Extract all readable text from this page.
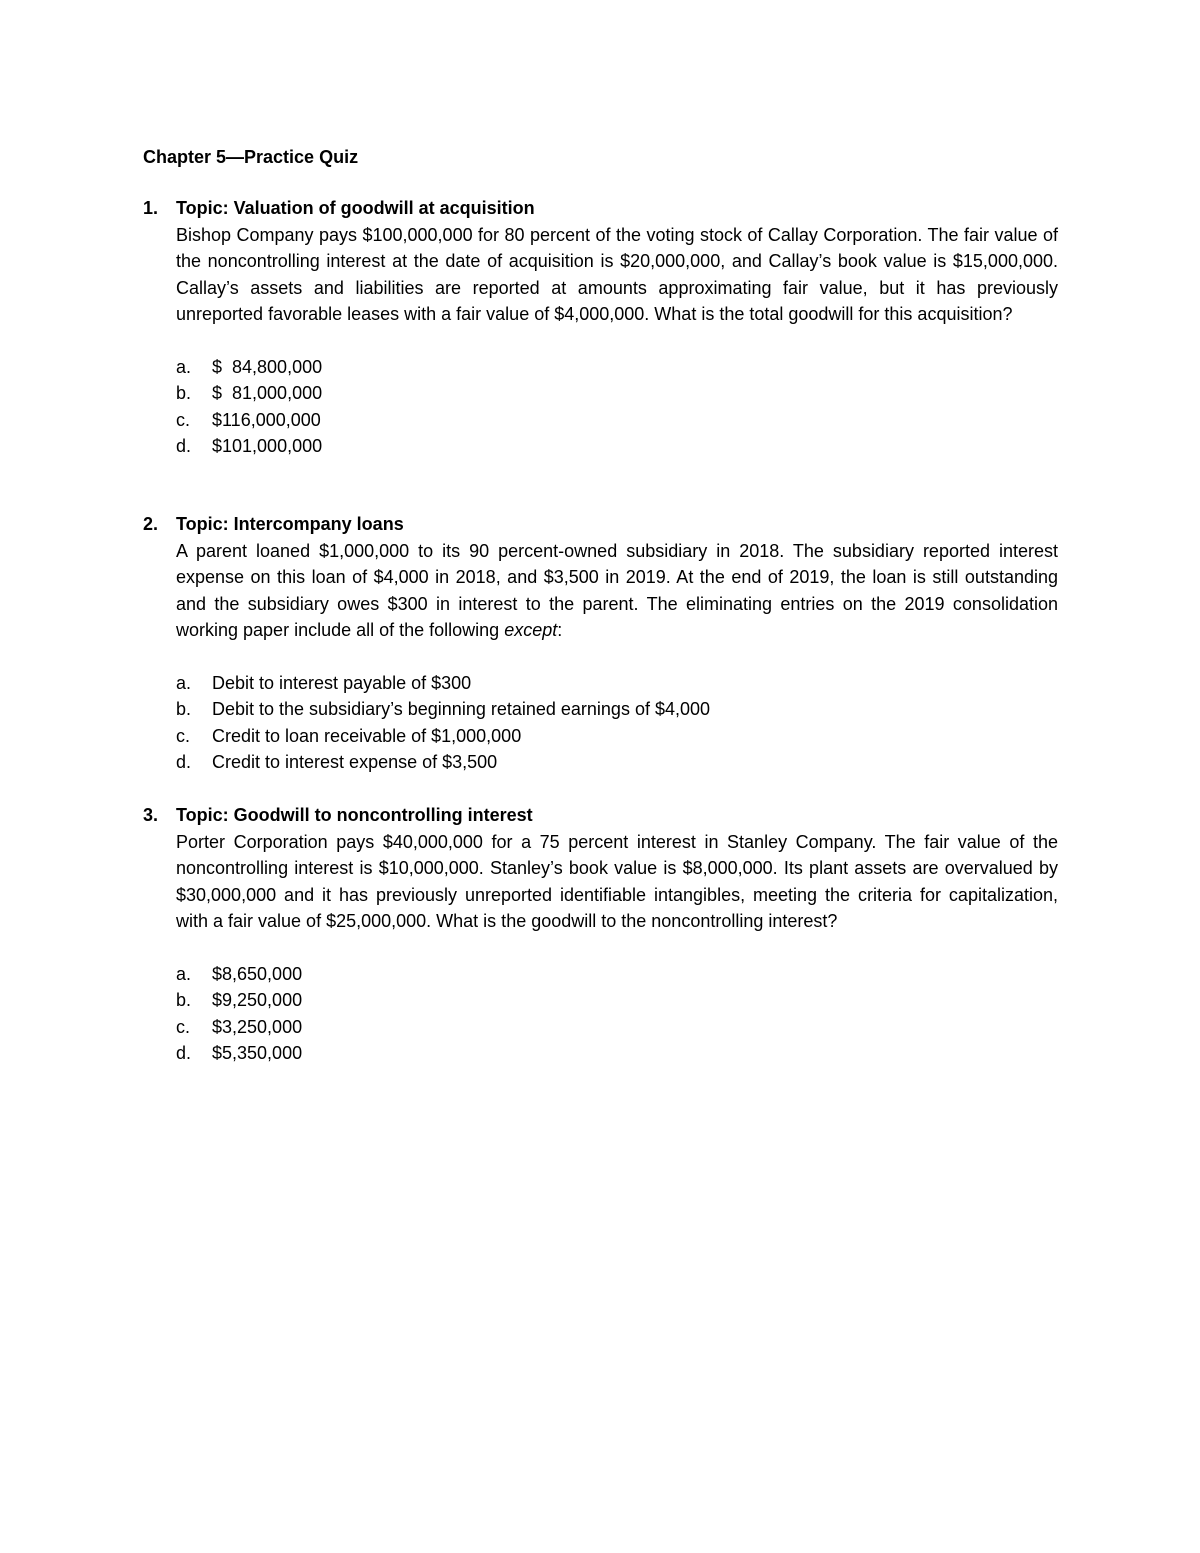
Chapter 5—Practice Quiz
1. Topic: Valuation of goodwill at acquisition
Bishop Company pays $100,000,000 for 80 percent of the voting stock of Callay Corporation. The fair value of the noncontrolling interest at the date of acquisition is $20,000,000, and Callay’s book value is $15,000,000. Callay’s assets and liabilities are reported at amounts approximating fair value, but it has previously unreported favorable leases with a fair value of $4,000,000. What is the total goodwill for this acquisition?
a.	$  84,800,000
b.	$  81,000,000
c.	$116,000,000
d.	$101,000,000
2. Topic: Intercompany loans
A parent loaned $1,000,000 to its 90 percent-owned subsidiary in 2018. The subsidiary reported interest expense on this loan of $4,000 in 2018, and $3,500 in 2019. At the end of 2019, the loan is still outstanding and the subsidiary owes $300 in interest to the parent. The eliminating entries on the 2019 consolidation working paper include all of the following except:
a.	Debit to interest payable of $300
b.	Debit to the subsidiary’s beginning retained earnings of $4,000
c.	Credit to loan receivable of $1,000,000
d.	Credit to interest expense of $3,500
3. Topic: Goodwill to noncontrolling interest
Porter Corporation pays $40,000,000 for a 75 percent interest in Stanley Company. The fair value of the noncontrolling interest is $10,000,000. Stanley’s book value is $8,000,000. Its plant assets are overvalued by $30,000,000 and it has previously unreported identifiable intangibles, meeting the criteria for capitalization, with a fair value of $25,000,000. What is the goodwill to the noncontrolling interest?
a.	$8,650,000
b.	$9,250,000
c.	$3,250,000
d.	$5,350,000
